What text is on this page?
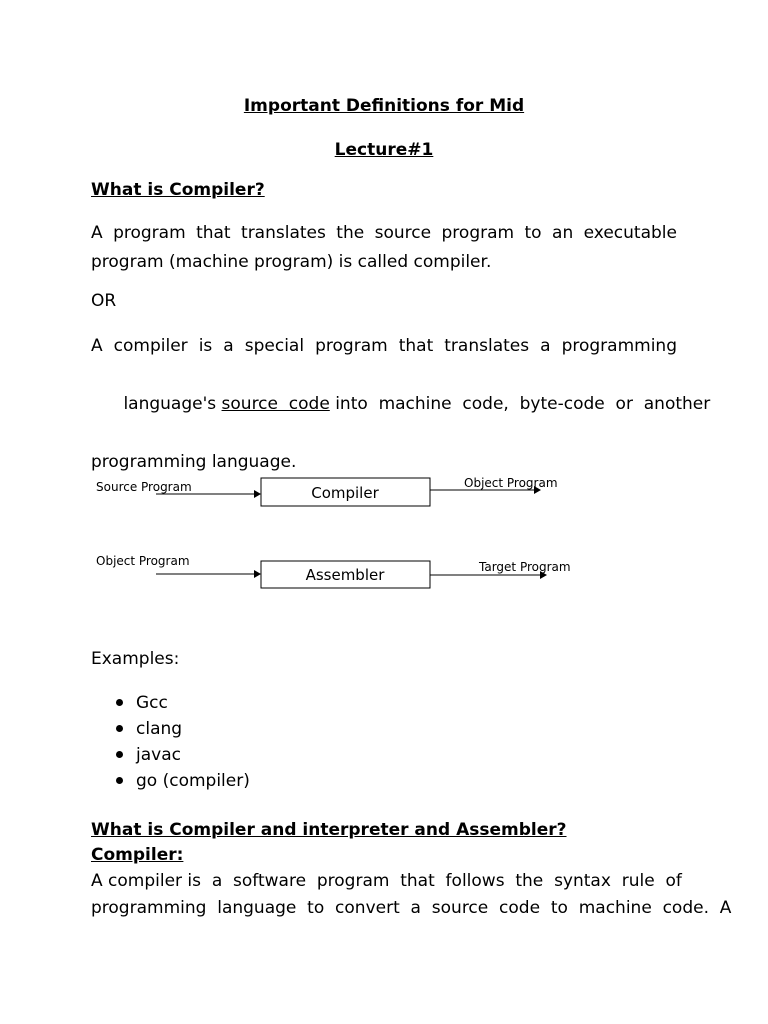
Important Definitions for Mid
Lecture#1
What is Compiler?
A program that translates the source program to an executable
program (machine program) is called compiler.
OR
A compiler is a special program that translates a programming

language's source  code into  machine  code,  byte-code  or  another

programming language.
Source Program	Compiler
Object Program
Object Program
Assembler	Target Program
Examples:
Gcc
clang
javac
go (compiler)
What is Compiler and interpreter and Assembler?
Compiler:
A compiler is  a  software  program  that  follows  the  syntax  rule  of
programming  language  to  convert  a  source  code  to  machine  code.  A
